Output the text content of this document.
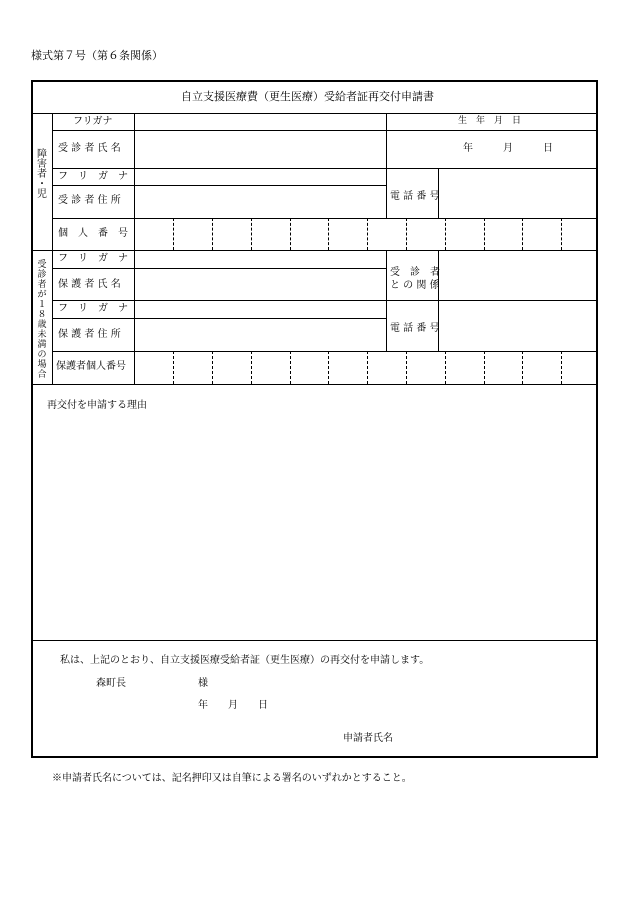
様式第７号（第６条関係）
自立支援医療費（更生医療）受給者証再交付申請書
障
害
者
・
児
受
診
者
が
１
８
歳
未
満
の
場
合
フリガナ
受 診 者 氏 名
生　年　月　日
年　　　月　　　日
フ　リ　ガ　ナ
受 診 者 住 所	電 話 番 号
個　人　番　号
フ　リ　ガ　ナ
保 護 者 氏 名
受　診　者
と の 関 係
フ　リ　ガ　ナ
保 護 者 住 所
電 話 番 号
保護者個人番号
再交付を申請する理由
私は、上記のとおり、自立支援医療受給者証（更生医療）の再交付を申請します。
森町長	様
年　　月　　日
申請者氏名
※申請者氏名については、記名押印又は自筆による署名のいずれかとすること。
